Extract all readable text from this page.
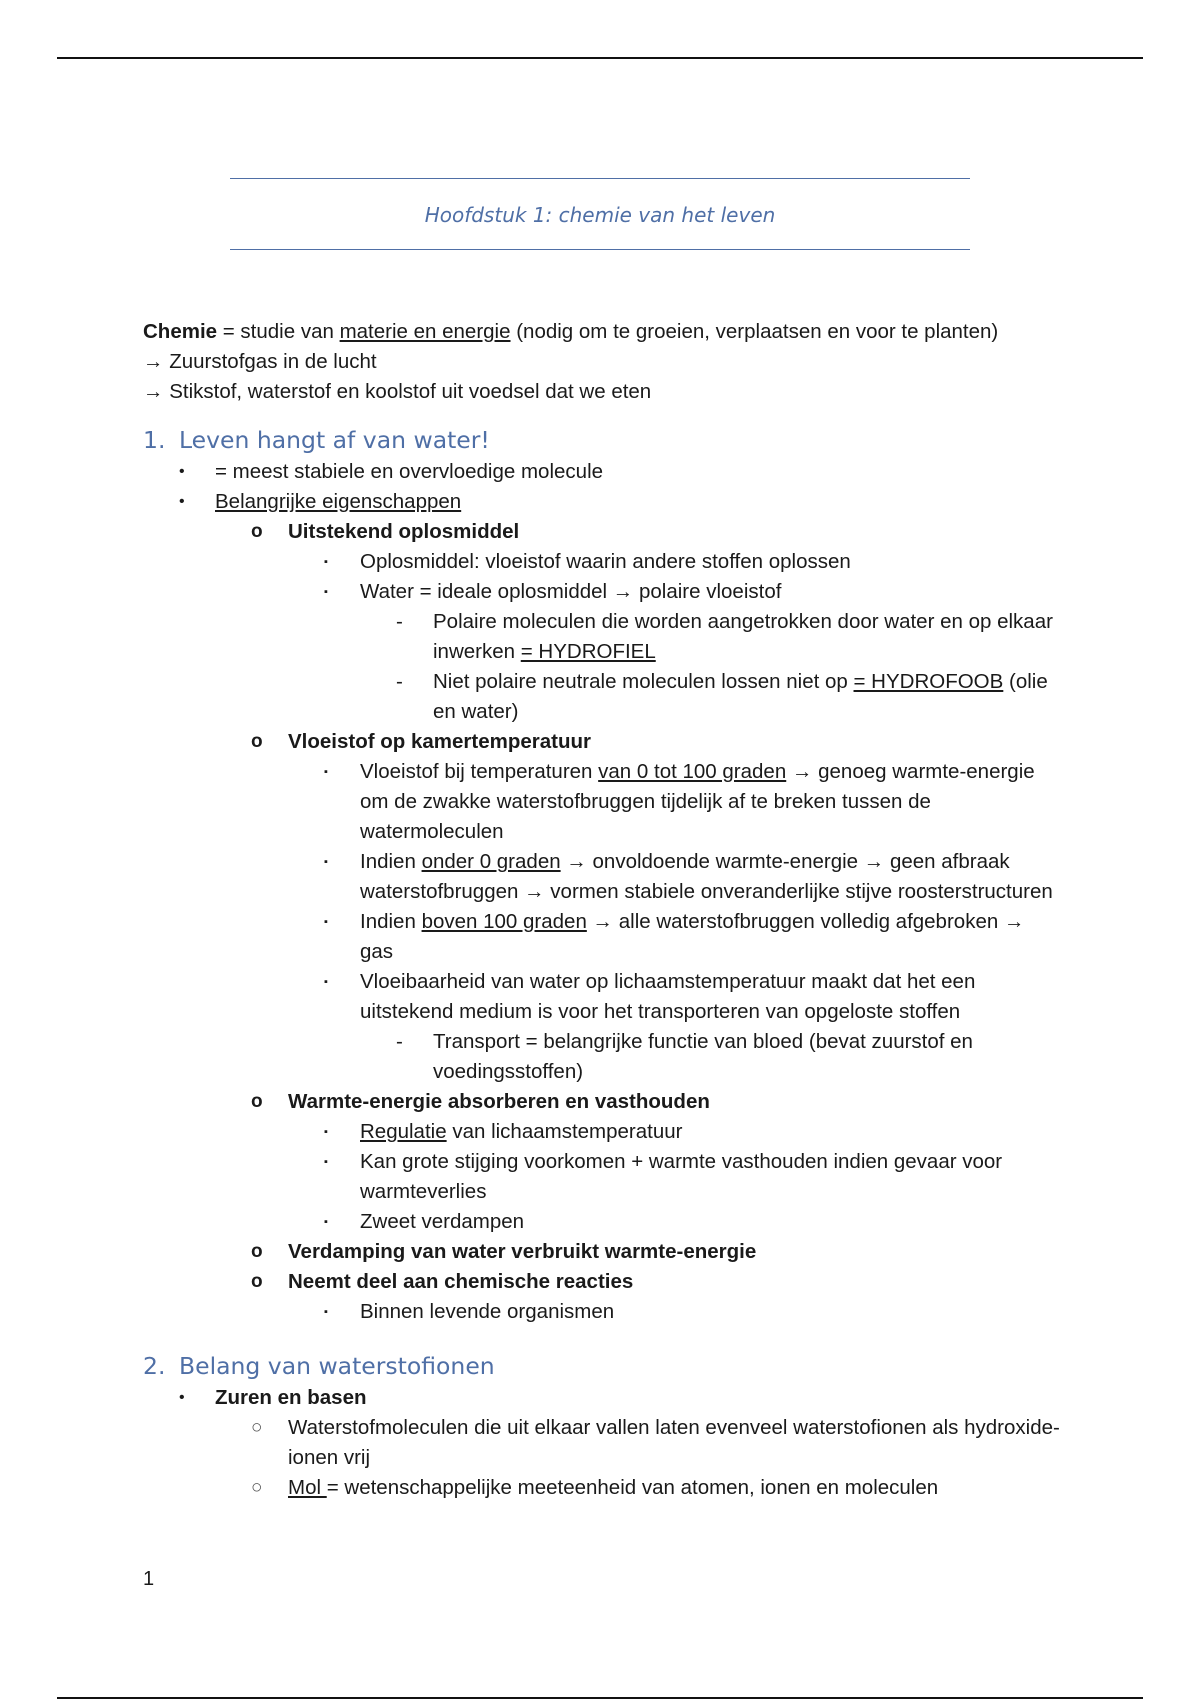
Hoofdstuk 1: chemie van het leven

Chemie = studie van materie en energie (nodig om te groeien, verplaatsen en voor te planten)

→ Zuurstofgas in de lucht

→ Stikstof, waterstof en koolstof uit voedsel dat we eten

1. Leven hangt af van water!
• = meest stabiele en overvloedige molecule
• Belangrijke eigenschappen
o Uitstekend oplosmiddel
▪ Oplosmiddel: vloeistof waarin andere stoffen oplossen
▪ Water = ideale oplosmiddel → polaire vloeistof
- Polaire moleculen die worden aangetrokken door water en op elkaar inwerken = HYDROFIEL
- Niet polaire neutrale moleculen lossen niet op = HYDROFOOB (olie en water)
o Vloeistof op kamertemperatuur
▪ Vloeistof bij temperaturen van 0 tot 100 graden → genoeg warmte-energie om de zwakke waterstofbruggen tijdelijk af te breken tussen de watermoleculen
▪ Indien onder 0 graden → onvoldoende warmte-energie → geen afbraak waterstofbruggen → vormen stabiele onveranderlijke stijve roosterstructuren
▪ Indien boven 100 graden → alle waterstofbruggen volledig afgebroken → gas
▪ Vloeibaarheid van water op lichaamstemperatuur maakt dat het een uitstekend medium is voor het transporteren van opgeloste stoffen
- Transport = belangrijke functie van bloed (bevat zuurstof en voedingsstoffen)
o Warmte-energie absorberen en vasthouden
▪ Regulatie van lichaamstemperatuur
▪ Kan grote stijging voorkomen + warmte vasthouden indien gevaar voor warmteverlies
▪ Zweet verdampen
o Verdamping van water verbruikt warmte-energie
o Neemt deel aan chemische reacties
▪ Binnen levende organismen
2. Belang van waterstofionen
• Zuren en basen
○ Waterstofmoleculen die uit elkaar vallen laten evenveel waterstofionen als hydroxide-ionen vrij
○ Mol = wetenschappelijke meeteenheid van atomen, ionen en moleculen
1
